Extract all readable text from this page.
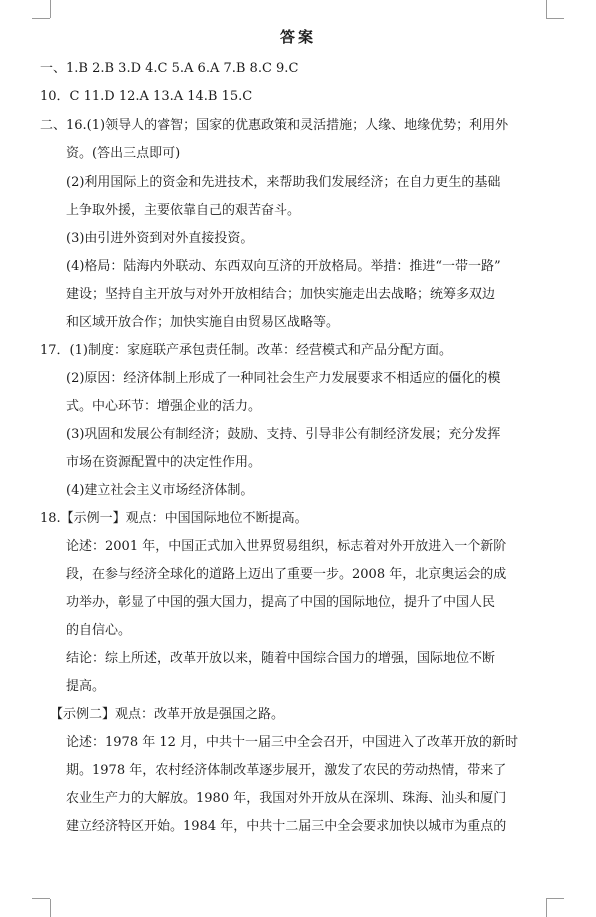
答案
一、1.B 2.B 3.D 4.C 5.A 6.A 7.B 8.C 9.C
10．C 11.D 12.A 13.A 14.B 15.C
二、16.(1)领导人的睿智；国家的优惠政策和灵活措施；人缘、地缘优势；利用外
资。(答出三点即可)
(2)利用国际上的资金和先进技术，来帮助我们发展经济；在自力更生的基础
上争取外援，主要依靠自己的艰苦奋斗。
(3)由引进外资到对外直接投资。
(4)格局：陆海内外联动、东西双向互济的开放格局。举措：推进“一带一路”
建设；坚持自主开放与对外开放相结合；加快实施走出去战略；统筹多双边
和区域开放合作；加快实施自由贸易区战略等。
17．(1)制度：家庭联产承包责任制。改革：经营模式和产品分配方面。
(2)原因：经济体制上形成了一种同社会生产力发展要求不相适应的僵化的模
式。中心环节：增强企业的活力。
(3)巩固和发展公有制经济；鼓励、支持、引导非公有制经济发展；充分发挥
市场在资源配置中的决定性作用。
(4)建立社会主义市场经济体制。
18.【示例一】观点：中国国际地位不断提高。
论述：2001 年，中国正式加入世界贸易组织，标志着对外开放进入一个新阶
段，在参与经济全球化的道路上迈出了重要一步。2008 年，北京奥运会的成
功举办，彰显了中国的强大国力，提高了中国的国际地位，提升了中国人民
的自信心。
结论：综上所述，改革开放以来，随着中国综合国力的增强，国际地位不断
提高。
【示例二】观点：改革开放是强国之路。
论述：1978 年 12 月，中共十一届三中全会召开，中国进入了改革开放的新时
期。1978 年，农村经济体制改革逐步展开，激发了农民的劳动热情，带来了
农业生产力的大解放。1980 年，我国对外开放从在深圳、珠海、汕头和厦门
建立经济特区开始。1984 年，中共十二届三中全会要求加快以城市为重点的
